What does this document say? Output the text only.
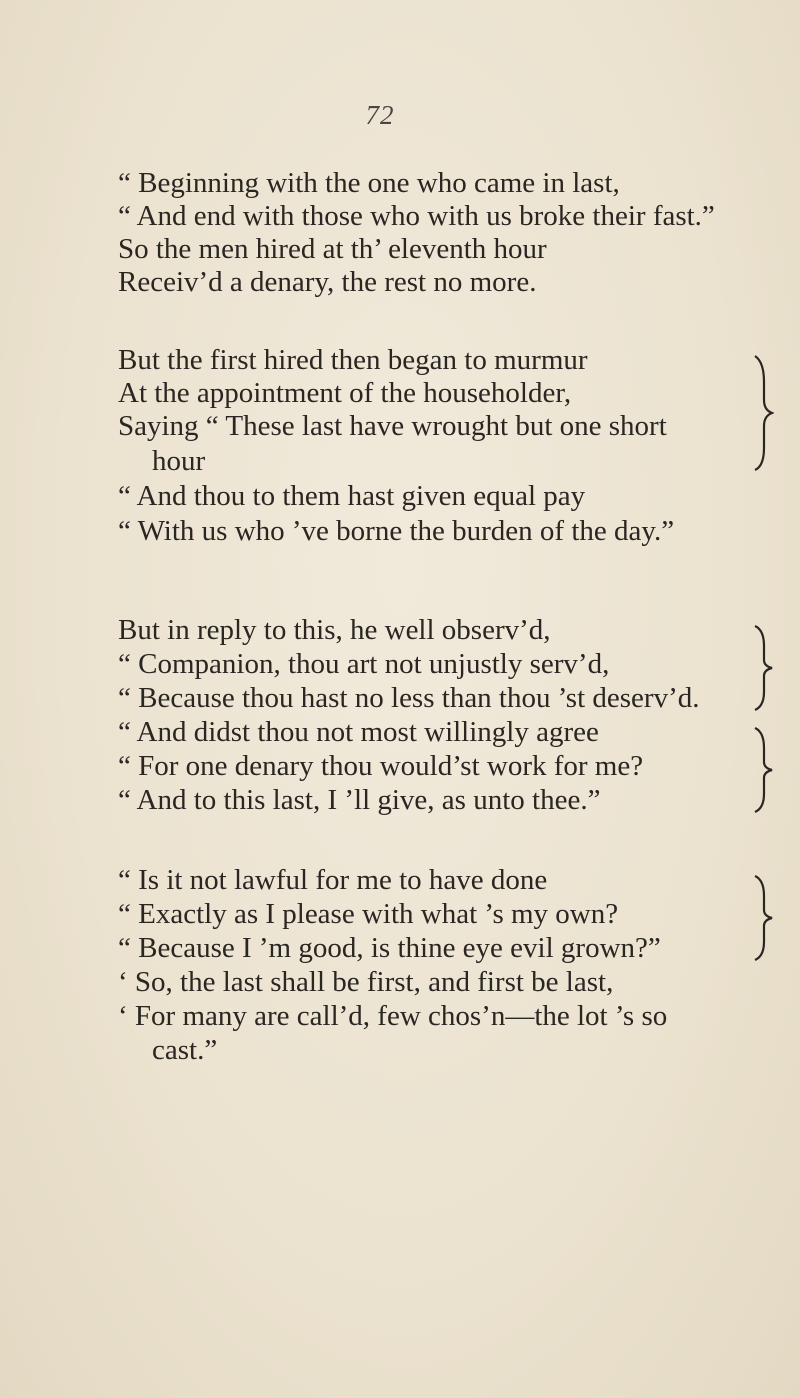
72
“ Beginning with the one who came in last,
“ And end with those who with us broke their fast.”
So the men hired at th’ eleventh hour
Receiv’d a denary, the rest no more.
But the first hired then began to murmur
At the appointment of the householder,
Saying “ These last have wrought but one short
hour
“ And thou to them hast given equal pay
“ With us who ’ve borne the burden of the day.”
But in reply to this, he well observ’d,
“ Companion, thou art not unjustly serv’d,
“ Because thou hast no less than thou ’st deserv’d.
“ And didst thou not most willingly agree
“ For one denary thou would’st work for me?
“ And to this last, I ’ll give, as unto thee.”
“ Is it not lawful for me to have done
“ Exactly as I please with what ’s my own?
“ Because I ’m good, is thine eye evil grown?”
‘ So, the last shall be first, and first be last,
‘ For many are call’d, few chos’n—the lot ’s so
cast.”
